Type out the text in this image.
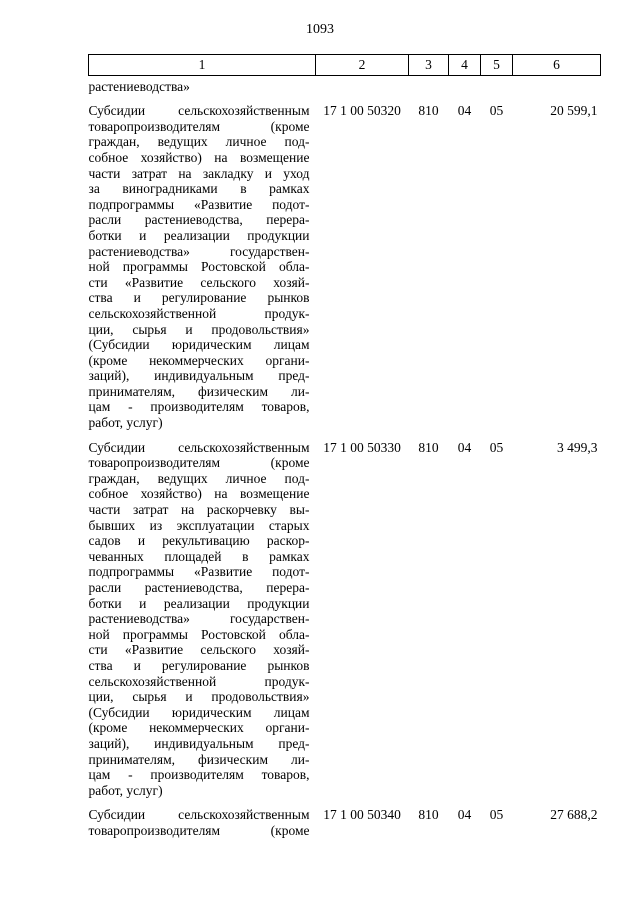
1093
1	2	3	4	5	6

растениеводства»					

Субсидии сельскохозяйственным
товаропроизводителям (кроме
граждан, ведущих личное под-
собное хозяйство) на возмещение
части затрат на закладку и уход
за виноградниками в рамках
подпрограммы «Развитие подот-
расли растениеводства, перера-
ботки и реализации продукции
растениеводства» государствен-
ной программы Ростовской обла-
сти «Развитие сельского хозяй-
ства и регулирование рынков
сельскохозяйственной продук-
ции, сырья и продовольствия»
(Субсидии юридическим лицам
(кроме некоммерческих органи-
заций), индивидуальным пред-
принимателям, физическим ли-
цам - производителям товаров,
работ, услуг)
	17 1 00 50320	810	04	05	20 599,1

Субсидии сельскохозяйственным
товаропроизводителям (кроме
граждан, ведущих личное под-
собное хозяйство) на возмещение
части затрат на раскорчевку вы-
бывших из эксплуатации старых
садов и рекультивацию раскор-
чеванных площадей в рамках
подпрограммы «Развитие подот-
расли растениеводства, перера-
ботки и реализации продукции
растениеводства» государствен-
ной программы Ростовской обла-
сти «Развитие сельского хозяй-
ства и регулирование рынков
сельскохозяйственной продук-
ции, сырья и продовольствия»
(Субсидии юридическим лицам
(кроме некоммерческих органи-
заций), индивидуальным пред-
принимателям, физическим ли-
цам - производителям товаров,
работ, услуг)
	17 1 00 50330	810	04	05	3 499,3

Субсидии сельскохозяйственным
товаропроизводителям (кроме	17 1 00 50340	810	04	05	27 688,2
